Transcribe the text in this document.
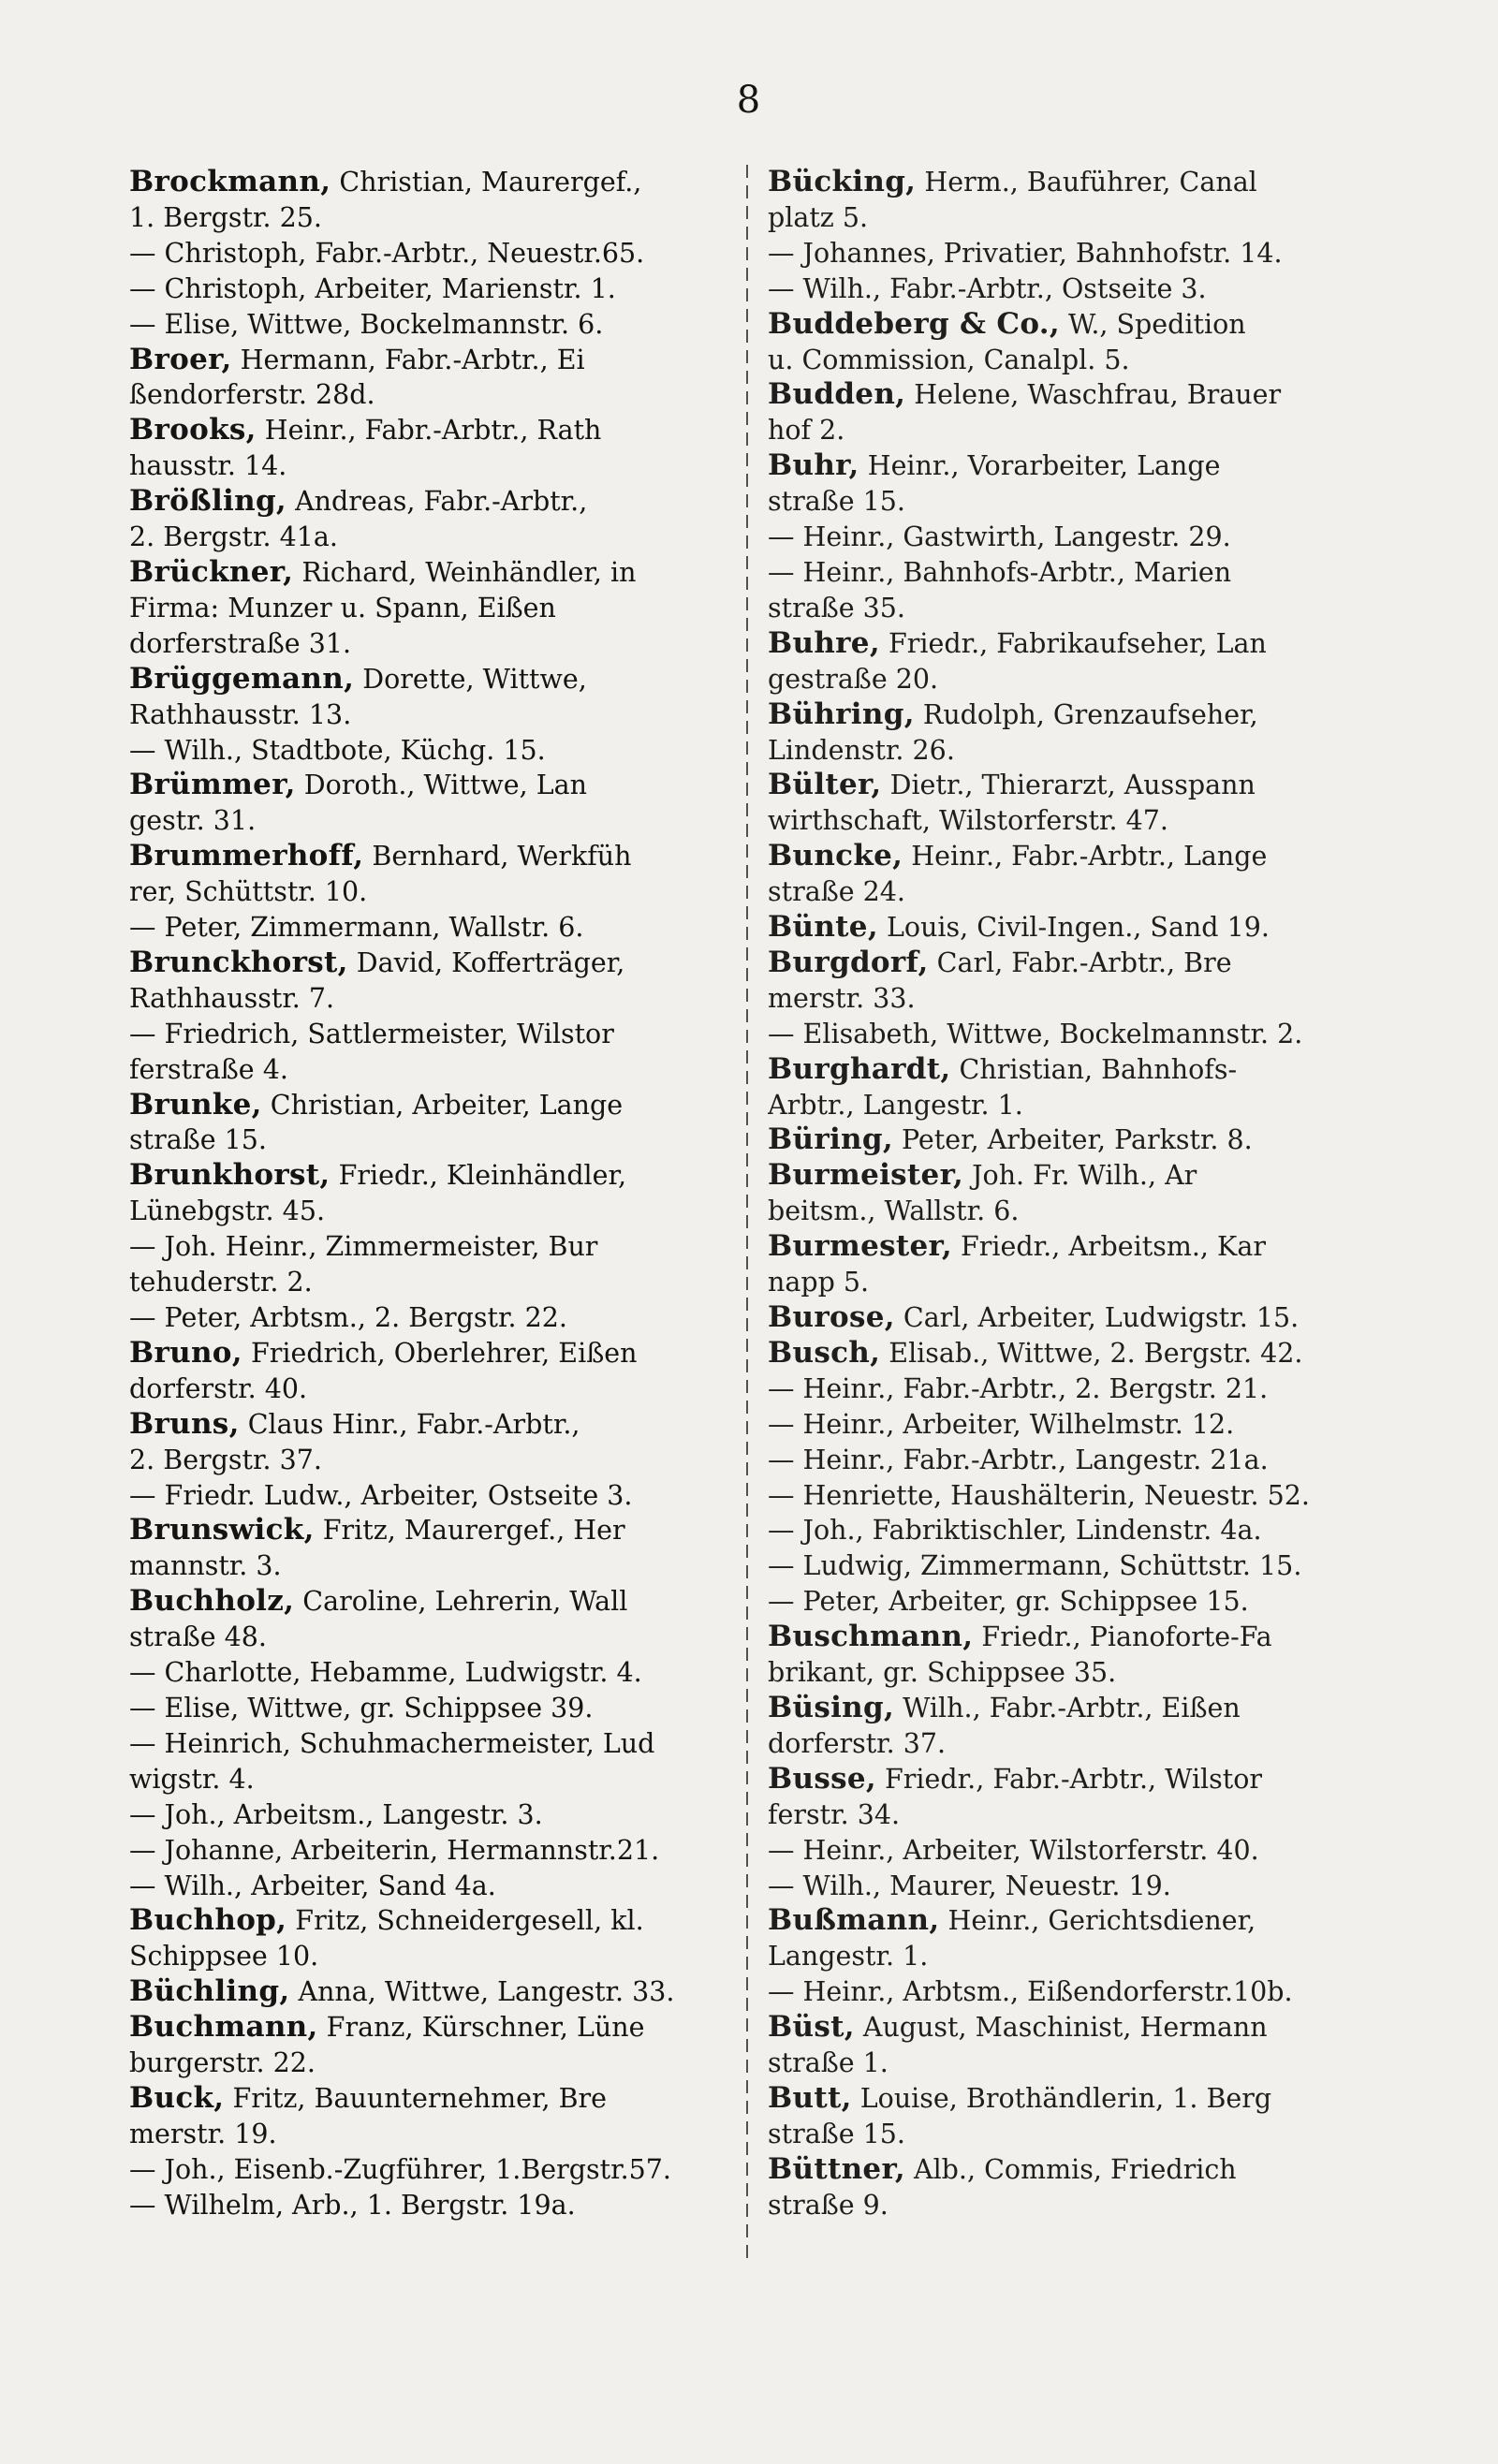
8
Brockmann, Christian, Maurergef.,
1. Bergstr. 25.
— Christoph, Fabr.-Arbtr., Neuestr.65.
— Christoph, Arbeiter, Marienstr. 1.
— Elise, Wittwe, Bockelmannstr. 6.
Broer, Hermann, Fabr.-Arbtr., Ei
ßendorferstr. 28d.
Brooks, Heinr., Fabr.-Arbtr., Rath
hausstr. 14.
Brößling, Andreas, Fabr.-Arbtr.,
2. Bergstr. 41a.
Brückner, Richard, Weinhändler, in
Firma: Munzer u. Spann, Eißen
dorferstraße 31.
Brüggemann, Dorette, Wittwe,
Rathhausstr. 13.
— Wilh., Stadtbote, Küchg. 15.
Brümmer, Doroth., Wittwe, Lan
gestr. 31.
Brummerhoff, Bernhard, Werkfüh
rer, Schüttstr. 10.
— Peter, Zimmermann, Wallstr. 6.
Brunckhorst, David, Kofferträger,
Rathhausstr. 7.
— Friedrich, Sattlermeister, Wilstor
ferstraße 4.
Brunke, Christian, Arbeiter, Lange
straße 15.
Brunkhorst, Friedr., Kleinhändler,
Lünebgstr. 45.
— Joh. Heinr., Zimmermeister, Bur
tehuderstr. 2.
— Peter, Arbtsm., 2. Bergstr. 22.
Bruno, Friedrich, Oberlehrer, Eißen
dorferstr. 40.
Bruns, Claus Hinr., Fabr.-Arbtr.,
2. Bergstr. 37.
— Friedr. Ludw., Arbeiter, Ostseite 3.
Brunswick, Fritz, Maurergef., Her
mannstr. 3.
Buchholz, Caroline, Lehrerin, Wall
straße 48.
— Charlotte, Hebamme, Ludwigstr. 4.
— Elise, Wittwe, gr. Schippsee 39.
— Heinrich, Schuhmachermeister, Lud
wigstr. 4.
— Joh., Arbeitsm., Langestr. 3.
— Johanne, Arbeiterin, Hermannstr.21.
— Wilh., Arbeiter, Sand 4a.
Buchhop, Fritz, Schneidergesell, kl.
Schippsee 10.
Büchling, Anna, Wittwe, Langestr. 33.
Buchmann, Franz, Kürschner, Lüne
burgerstr. 22.
Buck, Fritz, Bauunternehmer, Bre
merstr. 19.
— Joh., Eisenb.-Zugführer, 1.Bergstr.57.
— Wilhelm, Arb., 1. Bergstr. 19a.
Bücking, Herm., Bauführer, Canal
platz 5.
— Johannes, Privatier, Bahnhofstr. 14.
— Wilh., Fabr.-Arbtr., Ostseite 3.
Buddeberg & Co., W., Spedition
u. Commission, Canalpl. 5.
Budden, Helene, Waschfrau, Brauer
hof 2.
Buhr, Heinr., Vorarbeiter, Lange
straße 15.
— Heinr., Gastwirth, Langestr. 29.
— Heinr., Bahnhofs-Arbtr., Marien
straße 35.
Buhre, Friedr., Fabrikaufseher, Lan
gestraße 20.
Bühring, Rudolph, Grenzaufseher,
Lindenstr. 26.
Bülter, Dietr., Thierarzt, Ausspann
wirthschaft, Wilstorferstr. 47.
Buncke, Heinr., Fabr.-Arbtr., Lange
straße 24.
Bünte, Louis, Civil-Ingen., Sand 19.
Burgdorf, Carl, Fabr.-Arbtr., Bre
merstr. 33.
— Elisabeth, Wittwe, Bockelmannstr. 2.
Burghardt, Christian, Bahnhofs-
Arbtr., Langestr. 1.
Büring, Peter, Arbeiter, Parkstr. 8.
Burmeister, Joh. Fr. Wilh., Ar
beitsm., Wallstr. 6.
Burmester, Friedr., Arbeitsm., Kar
napp 5.
Burose, Carl, Arbeiter, Ludwigstr. 15.
Busch, Elisab., Wittwe, 2. Bergstr. 42.
— Heinr., Fabr.-Arbtr., 2. Bergstr. 21.
— Heinr., Arbeiter, Wilhelmstr. 12.
— Heinr., Fabr.-Arbtr., Langestr. 21a.
— Henriette, Haushälterin, Neuestr. 52.
— Joh., Fabriktischler, Lindenstr. 4a.
— Ludwig, Zimmermann, Schüttstr. 15.
— Peter, Arbeiter, gr. Schippsee 15.
Buschmann, Friedr., Pianoforte-Fa
brikant, gr. Schippsee 35.
Büsing, Wilh., Fabr.-Arbtr., Eißen
dorferstr. 37.
Busse, Friedr., Fabr.-Arbtr., Wilstor
ferstr. 34.
— Heinr., Arbeiter, Wilstorferstr. 40.
— Wilh., Maurer, Neuestr. 19.
Bußmann, Heinr., Gerichtsdiener,
Langestr. 1.
— Heinr., Arbtsm., Eißendorferstr.10b.
Büst, August, Maschinist, Hermann
straße 1.
Butt, Louise, Brothändlerin, 1. Berg
straße 15.
Büttner, Alb., Commis, Friedrich
straße 9.
